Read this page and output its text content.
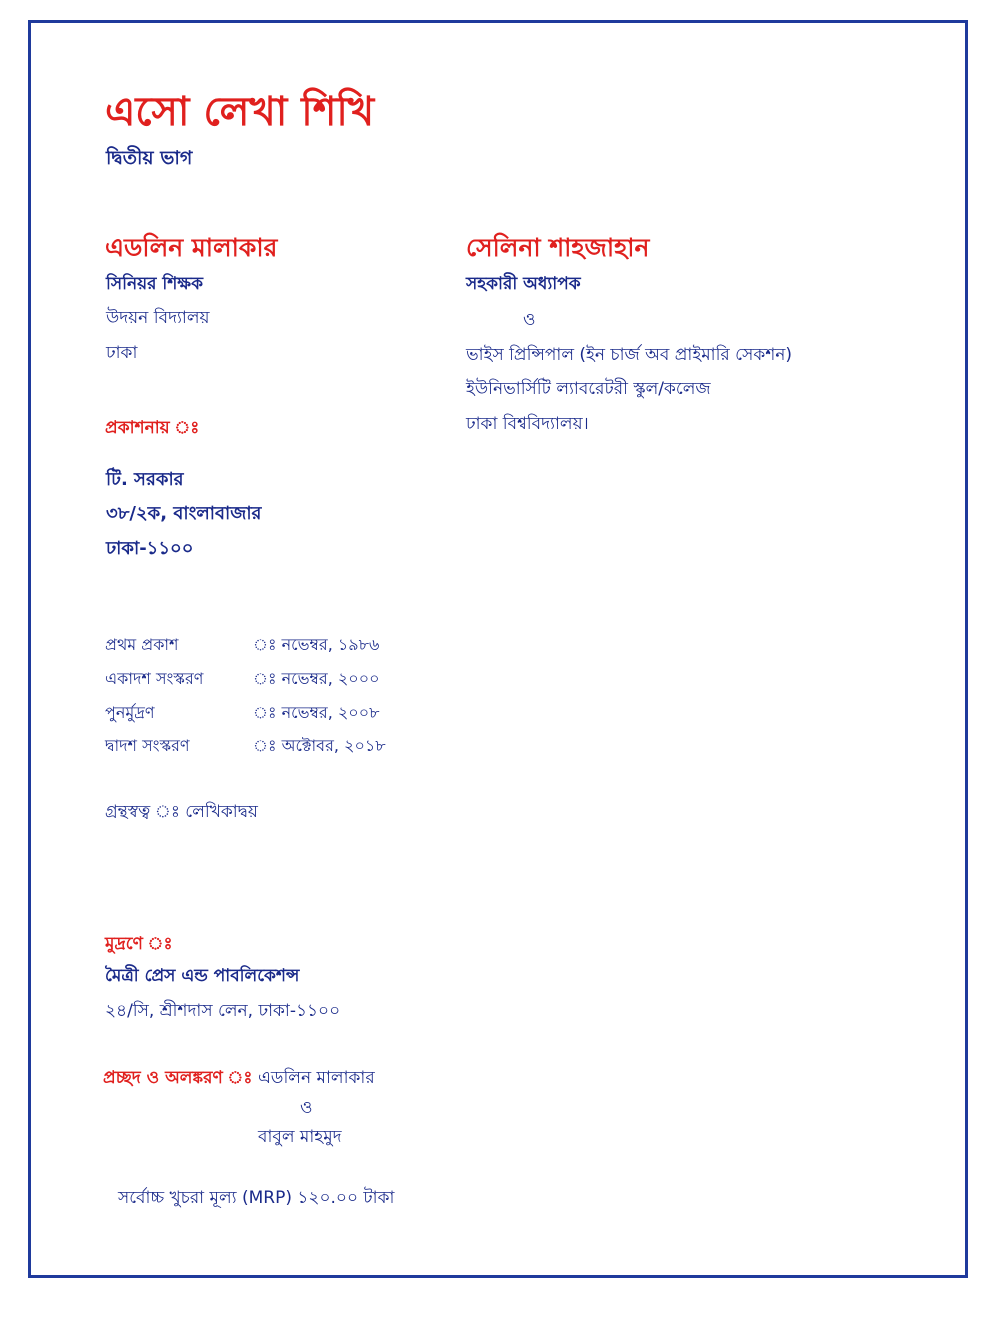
এসো লেখা শিখি
দ্বিতীয় ভাগ
এডলিন মালাকার
সিনিয়র শিক্ষক
উদয়ন বিদ্যালয়
ঢাকা
সেলিনা শাহজাহান
সহকারী অধ্যাপক
ও
ভাইস প্রিন্সিপাল (ইন চার্জ অব প্রাইমারি সেকশন)
ইউনিভার্সিটি ল্যাবরেটরী স্কুল/কলেজ
ঢাকা বিশ্ববিদ্যালয়।
প্রকাশনায় ঃ
টি. সরকার
৩৮/২ক, বাংলাবাজার
ঢাকা-১১০০
প্রথম প্রকাশ	ঃ নভেম্বর, ১৯৮৬
একাদশ সংস্করণ	ঃ নভেম্বর, ২০০০
পুনর্মুদ্রণ	ঃ নভেম্বর, ২০০৮
দ্বাদশ সংস্করণ	ঃ অক্টোবর, ২০১৮
গ্রন্থস্বত্ব ঃ লেখিকাদ্বয়
মুদ্রণে ঃ
মৈত্রী প্রেস এন্ড পাবলিকেশন্স
২৪/সি, শ্রীশদাস লেন, ঢাকা-১১০০
প্রচ্ছদ ও অলঙ্করণ ঃ এডলিন মালাকার
ও
বাবুল মাহমুদ
সর্বোচ্চ খুচরা মূল্য (MRP) ১২০.০০ টাকা
